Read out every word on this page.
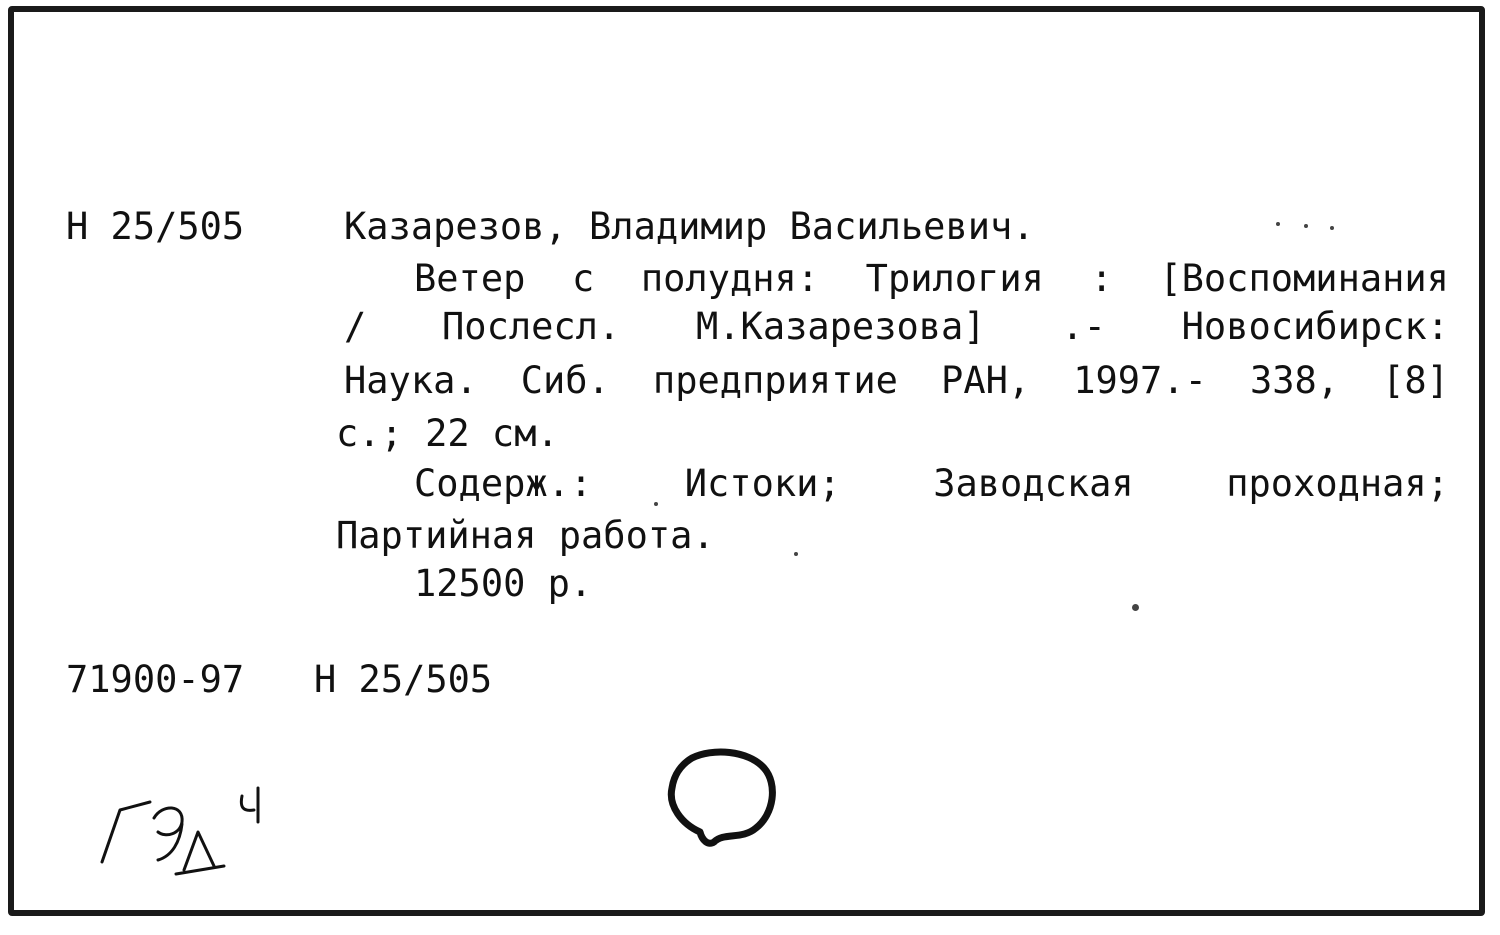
Н 25/505	Казарезов, Владимир Васильевич.
Ветер с полудня: Трилогия : [Воспоминания
/ Послесл. М.Казарезова] .- Новосибирск:
Наука. Сиб. предприятие РАН, 1997.- 338, [8]
с.; 22 см.
Содерж.:	Истоки;	Заводская	проходная;
Партийная работа.
12500 р.
71900-97 Н 25/505
